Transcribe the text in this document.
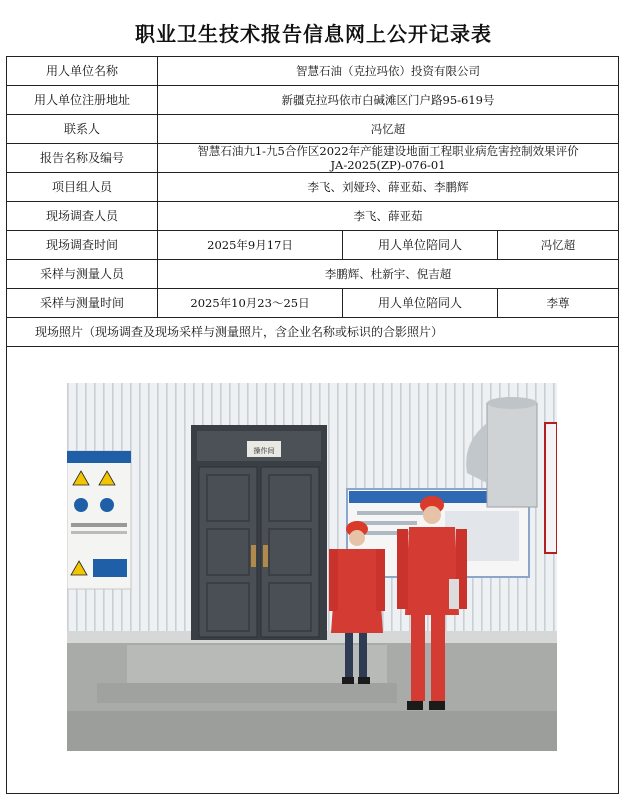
职业卫生技术报告信息网上公开记录表
用人单位名称	智慧石油（克拉玛依）投资有限公司		
用人单位注册地址	新疆克拉玛依市白碱滩区门户路95-619号		
联系人	冯忆超		
报告名称及编号	智慧石油九1-九5合作区2022年产能建设地面工程职业病危害控制效果评价
JA-2025(ZP)-076-01		

项目组人员	李飞、刘娅玲、薛亚茹、李鹏辉		
现场调查人员	李飞、薛亚茹		
现场调查时间	2025年9月17日	用人单位陪同人	冯忆超
采样与测量人员	李鹏辉、杜新宇、倪吉超		
采样与测量时间	2025年10月23～25日	用人单位陪同人	李尊
现场照片（现场调查及现场采样与测量照片，含企业名称或标识的合影照片）			

操作间			
